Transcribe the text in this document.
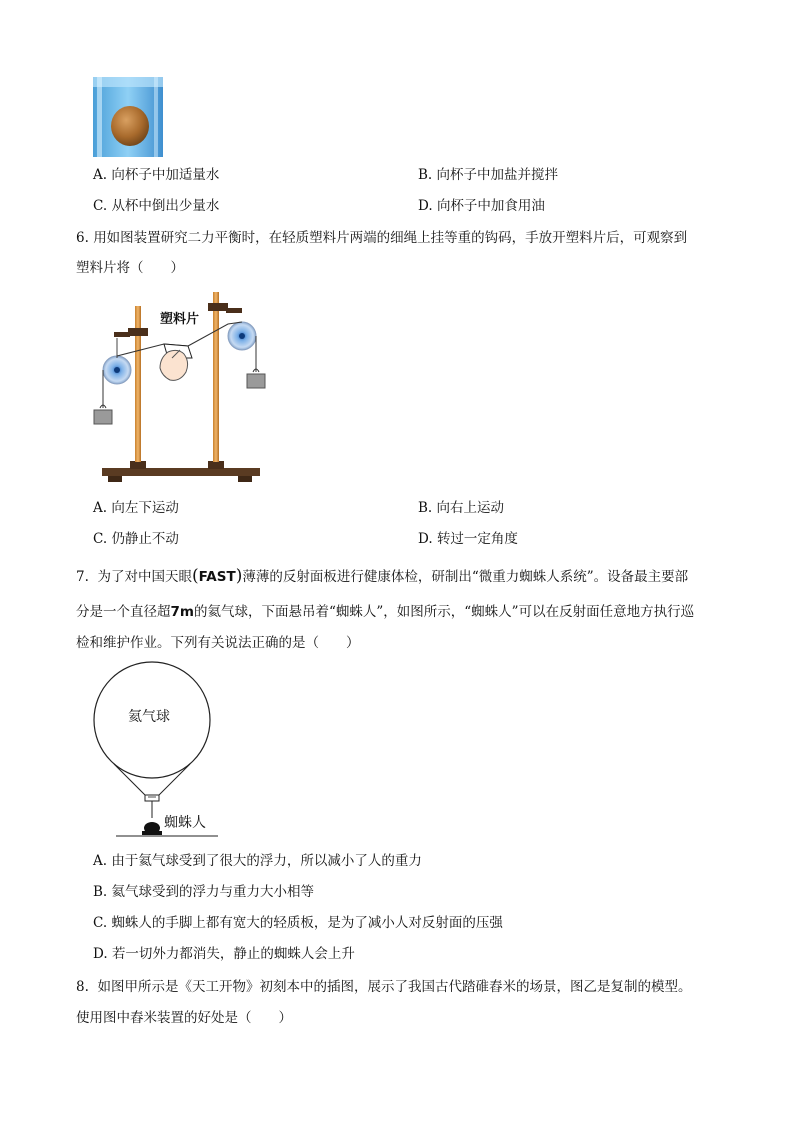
A. 向杯子中加适量水	B. 向杯子中加盐并搅拌
C. 从杯中倒出少量水	D. 向杯子中加食用油
6. 用如图装置研究二力平衡时，在轻质塑料片两端的细绳上挂等重的钩码，手放开塑料片后，可观察到
塑料片将（　　）
塑料片
A. 向左下运动	B. 向右上运动
C. 仍静止不动	D. 转过一定角度
7. 为了对中国天眼(FAST)薄薄的反射面板进行健康体检，研制出“微重力蜘蛛人系统”。设备最主要部
分是一个直径超7m的氦气球，下面悬吊着“蜘蛛人”，如图所示，“蜘蛛人”可以在反射面任意地方执行巡
检和维护作业。下列有关说法正确的是（　　）
氦气球
蜘蛛人
A. 由于氦气球受到了很大的浮力，所以减小了人的重力
B. 氦气球受到的浮力与重力大小相等
C. 蜘蛛人的手脚上都有宽大的轻质板，是为了减小人对反射面的压强
D. 若一切外力都消失，静止的蜘蛛人会上升
8. 如图甲所示是《天工开物》初刻本中的插图，展示了我国古代踏碓舂米的场景，图乙是复制的模型。
使用图中舂米装置的好处是（　　）
